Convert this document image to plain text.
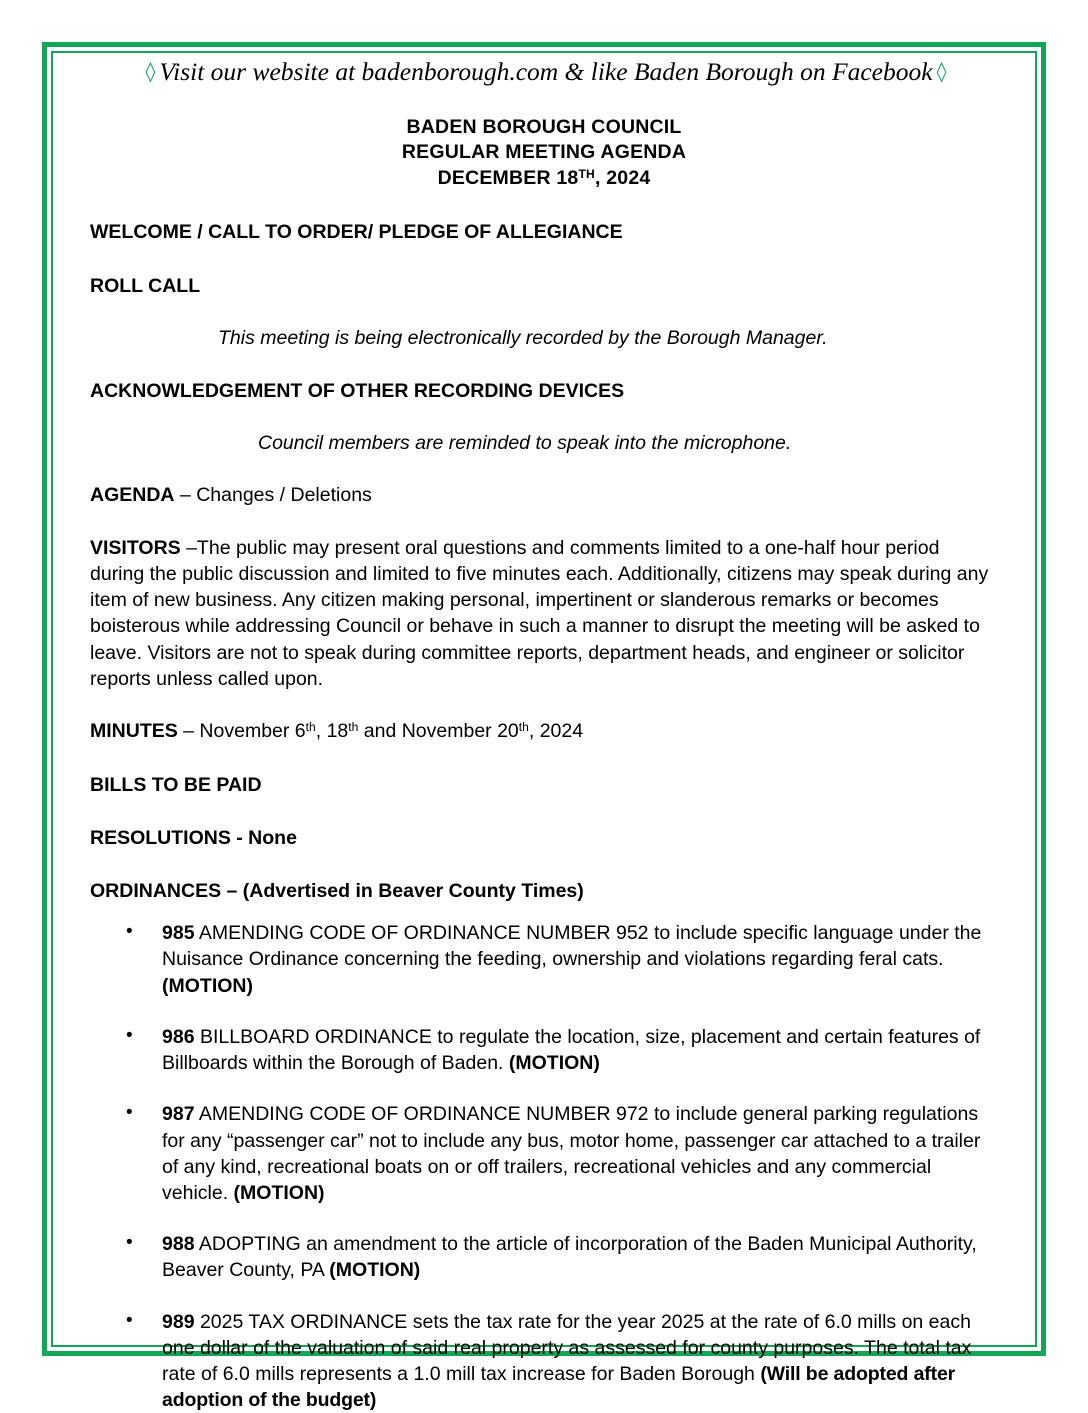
◊ Visit our website at badenborough.com & like Baden Borough on Facebook ◊
BADEN BOROUGH COUNCIL
REGULAR MEETING AGENDA
DECEMBER 18TH, 2024
WELCOME / CALL TO ORDER/ PLEDGE OF ALLEGIANCE
ROLL CALL
This meeting is being electronically recorded by the Borough Manager.
ACKNOWLEDGEMENT OF OTHER RECORDING DEVICES
Council members are reminded to speak into the microphone.
AGENDA – Changes / Deletions
VISITORS –The public may present oral questions and comments limited to a one-half hour period during the public discussion and limited to five minutes each. Additionally, citizens may speak during any item of new business. Any citizen making personal, impertinent or slanderous remarks or becomes boisterous while addressing Council or behave in such a manner to disrupt the meeting will be asked to leave. Visitors are not to speak during committee reports, department heads, and engineer or solicitor reports unless called upon.
MINUTES – November 6th, 18th and November 20th, 2024
BILLS TO BE PAID
RESOLUTIONS - None
ORDINANCES – (Advertised in Beaver County Times)
• 985 AMENDING CODE OF ORDINANCE NUMBER 952 to include specific language under the Nuisance Ordinance concerning the feeding, ownership and violations regarding feral cats. (MOTION)
• 986 BILLBOARD ORDINANCE to regulate the location, size, placement and certain features of Billboards within the Borough of Baden. (MOTION)
• 987 AMENDING CODE OF ORDINANCE NUMBER 972 to include general parking regulations for any “passenger car” not to include any bus, motor home, passenger car attached to a trailer of any kind, recreational boats on or off trailers, recreational vehicles and any commercial vehicle. (MOTION)
• 988 ADOPTING an amendment to the article of incorporation of the Baden Municipal Authority, Beaver County, PA (MOTION)
• 989 2025 TAX ORDINANCE sets the tax rate for the year 2025 at the rate of 6.0 mills on each one dollar of the valuation of said real property as assessed for county purposes. The total tax rate of 6.0 mills represents a 1.0 mill tax increase for Baden Borough (Will be adopted after adoption of the budget)
